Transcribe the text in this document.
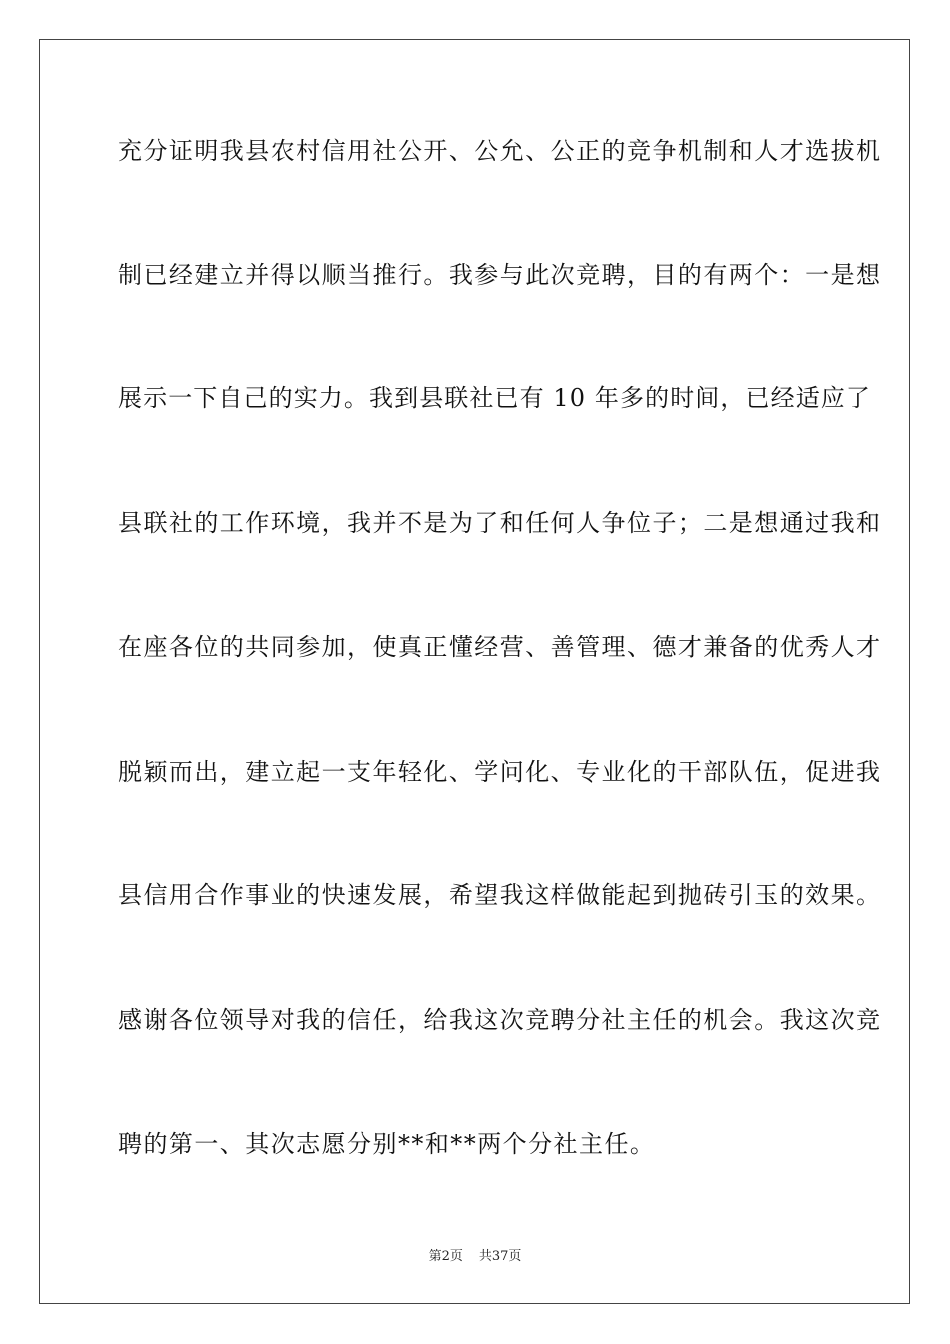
充分证明我县农村信用社公开、公允、公正的竞争机制和人才选拔机
制已经建立并得以顺当推行。我参与此次竞聘，目的有两个：一是想
展示一下自己的实力。我到县联社已有 10 年多的时间，已经适应了
县联社的工作环境，我并不是为了和任何人争位子；二是想通过我和
在座各位的共同参加，使真正懂经营、善管理、德才兼备的优秀人才
脱颖而出，建立起一支年轻化、学问化、专业化的干部队伍，促进我
县信用合作事业的快速发展，希望我这样做能起到抛砖引玉的效果。
感谢各位领导对我的信任，给我这次竞聘分社主任的机会。我这次竞
聘的第一、其次志愿分别**和**两个分社主任。
第2页 共37页
